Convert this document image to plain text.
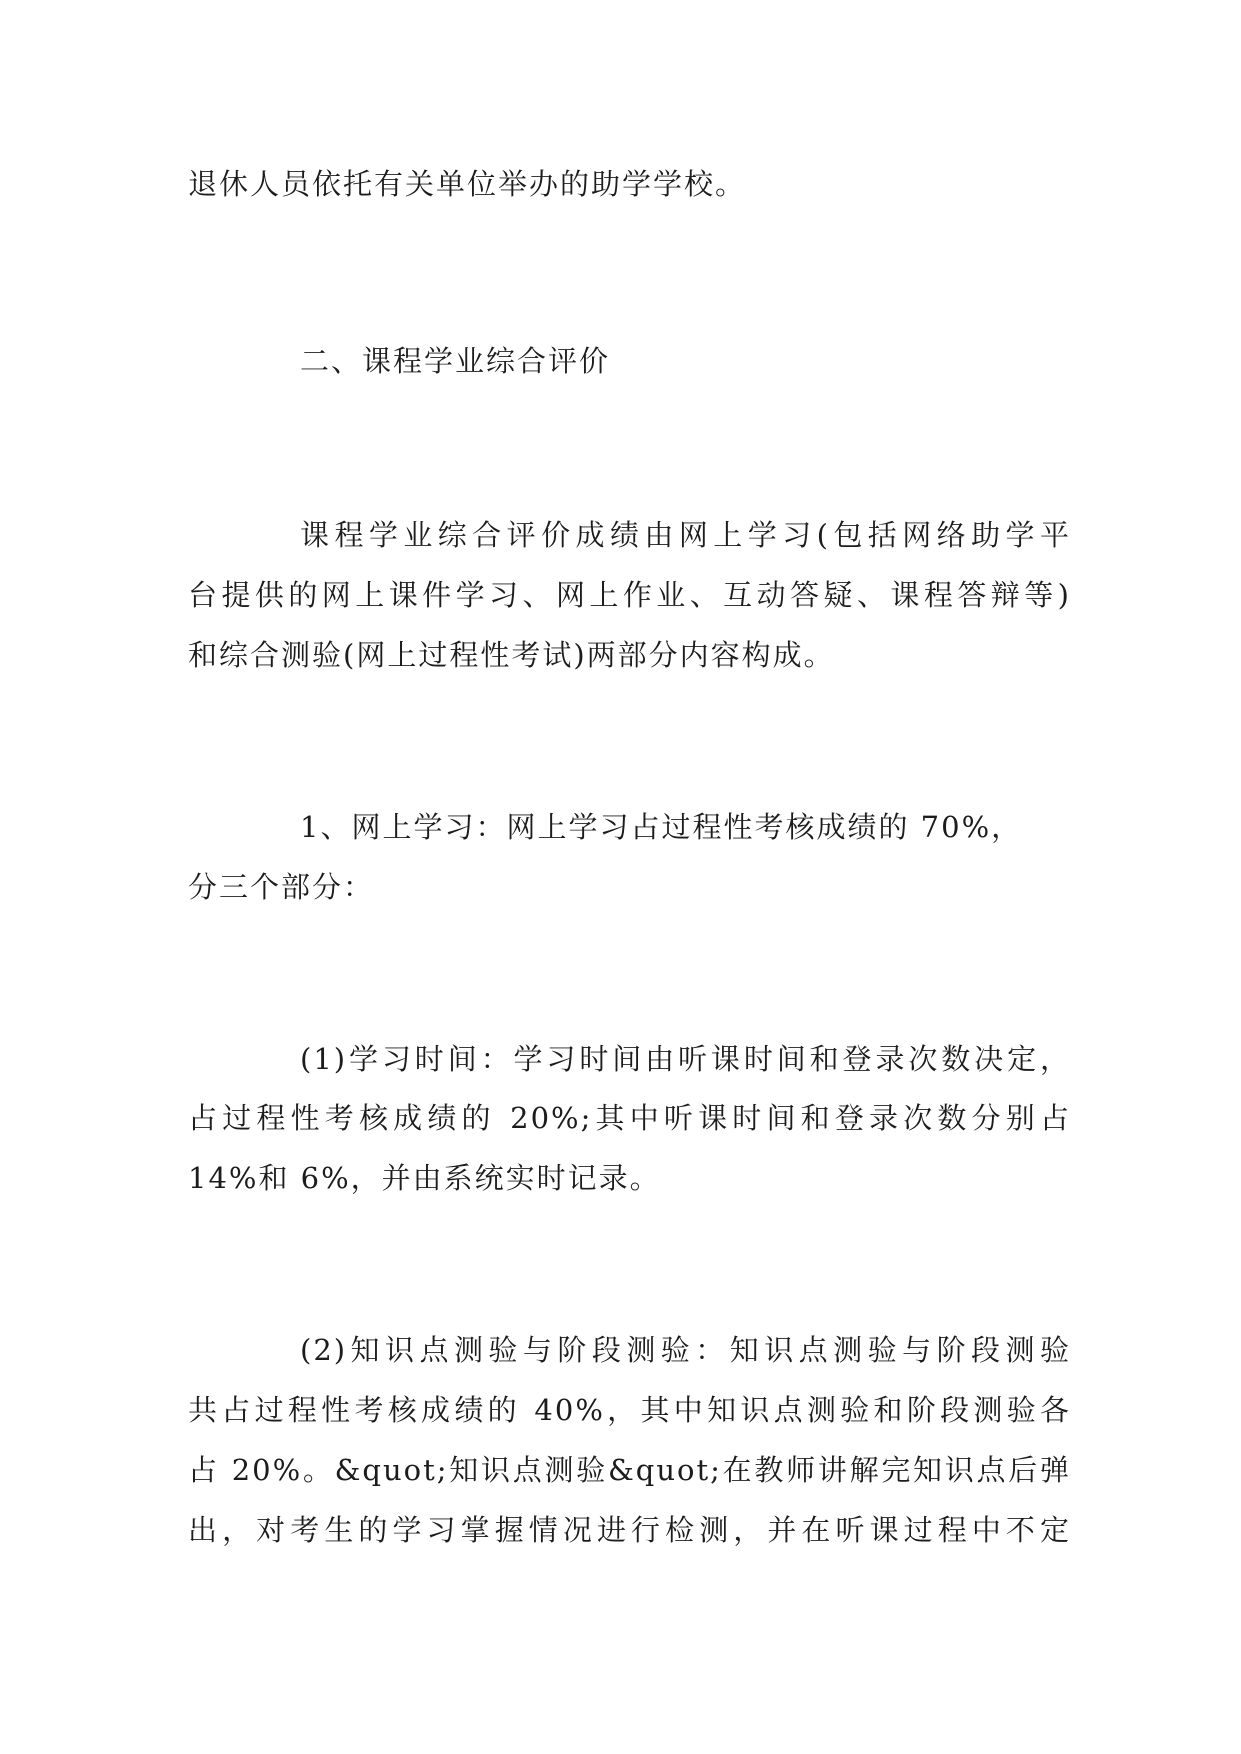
退休人员依托有关单位举办的助学学校。
二、课程学业综合评价
课程学业综合评价成绩由网上学习(包括网络助学平
台提供的网上课件学习、网上作业、互动答疑、课程答辩等)
和综合测验(网上过程性考试)两部分内容构成。
1、网上学习：网上学习占过程性考核成绩的 70%，
分三个部分：
(1)学习时间：学习时间由听课时间和登录次数决定，
占过程性考核成绩的 20%;其中听课时间和登录次数分别占
14%和 6%，并由系统实时记录。
(2)知识点测验与阶段测验：知识点测验与阶段测验
共占过程性考核成绩的 40%，其中知识点测验和阶段测验各
占 20%。&quot;知识点测验&quot;在教师讲解完知识点后弹
出，对考生的学习掌握情况进行检测，并在听课过程中不定
